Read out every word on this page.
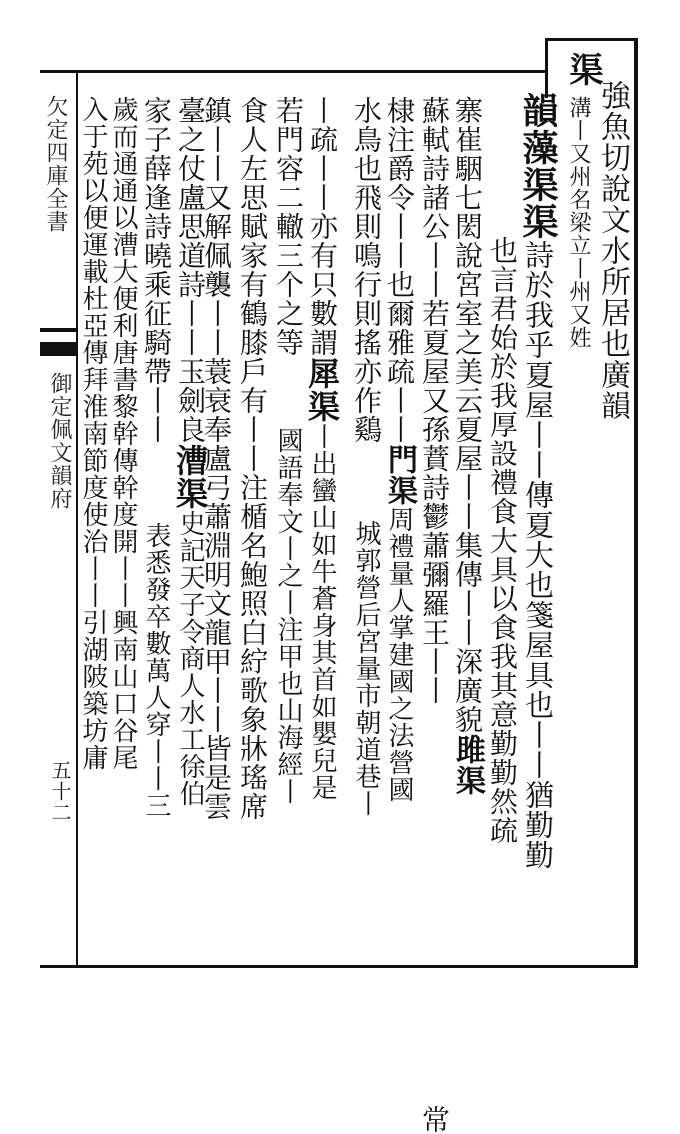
欠定四庫全書
御定佩文韻府
五十二
渠
強魚切說文水所居也廣韻
溝丨又州名梁立丨州又姓
韻藻渠渠詩於我乎夏屋丨丨傳夏大也箋屋具也丨丨猶勤勤
也言君始於我厚設禮食大具以食我其意勤勤然疏
寨崔駰七閎說宮室之美云夏屋丨丨集傳丨丨深廣貌雎渠
蘇軾詩諸公丨丨若夏屋又孫蕡詩鬱蕭彌羅王丨丨常
棣注爵令丨丨也爾雅疏丨丨門渠周禮量人掌建國之法營國
水鳥也飛則鳴行則搖亦作鷄城郭營后宮量市朝道巷丨
丨疏丨丨亦有只數謂犀渠丨出蠻山如牛蒼身其首如嬰兒是
若門容二轍三个之等國語奉文丨之丨注甲也山海經丨
食人左思賦家有鶴膝戶有丨丨注楯名鮑照白紵歌象牀瑤席
鎮丨丨又解佩襲丨丨蓑衰奉盧弓蕭淵明文龍甲丨丨皆是雲
臺之仗盧思道詩丨丨玉劍良漕渠史記天子令商人水工徐伯
家子薛逢詩曉乘征騎帶丨丨表悉發卒數萬人穿丨丨三
歲而通通以漕大便利唐書黎幹傳幹度開丨丨興南山口谷尾
入于苑以便運載杜亞傳拜淮南節度使治丨丨引湖陂築坊庸
